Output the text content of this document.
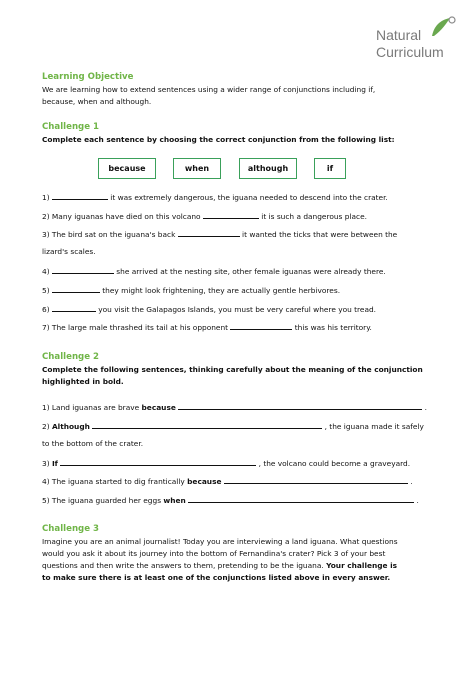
Natural
Curriculum
Learning Objective
We are learning how to extend sentences using a wider range of conjunctions including if,
because, when and although.
Challenge 1
Complete each sentence by choosing the correct conjunction from the following list:
because	when	although	if
1)	it was extremely dangerous, the iguana needed to descend into the crater.
2) Many iguanas have died on this volcano	it is such a dangerous place.
3) The bird sat on the iguana's back	it wanted the ticks that were between the
lizard's scales.
4)	she arrived at the nesting site, other female iguanas were already there.
5)	they might look frightening, they are actually gentle herbivores.
6)	you visit the Galapagos Islands, you must be very careful where you tread.
7) The large male thrashed its tail at his opponent	this was his territory.
Challenge 2
Complete the following sentences, thinking carefully about the meaning of the conjunction
highlighted in bold.
1) Land iguanas are brave because	.
2) Although	, the iguana made it safely
to the bottom of the crater.
3) If	, the volcano could become a graveyard.
4) The iguana started to dig frantically because	.
5) The iguana guarded her eggs when	.
Challenge 3
Imagine you are an animal journalist! Today you are interviewing a land iguana. What questions
would you ask it about its journey into the bottom of Fernandina's crater? Pick 3 of your best
questions and then write the answers to them, pretending to be the iguana. Your challenge is
to make sure there is at least one of the conjunctions listed above in every answer.
